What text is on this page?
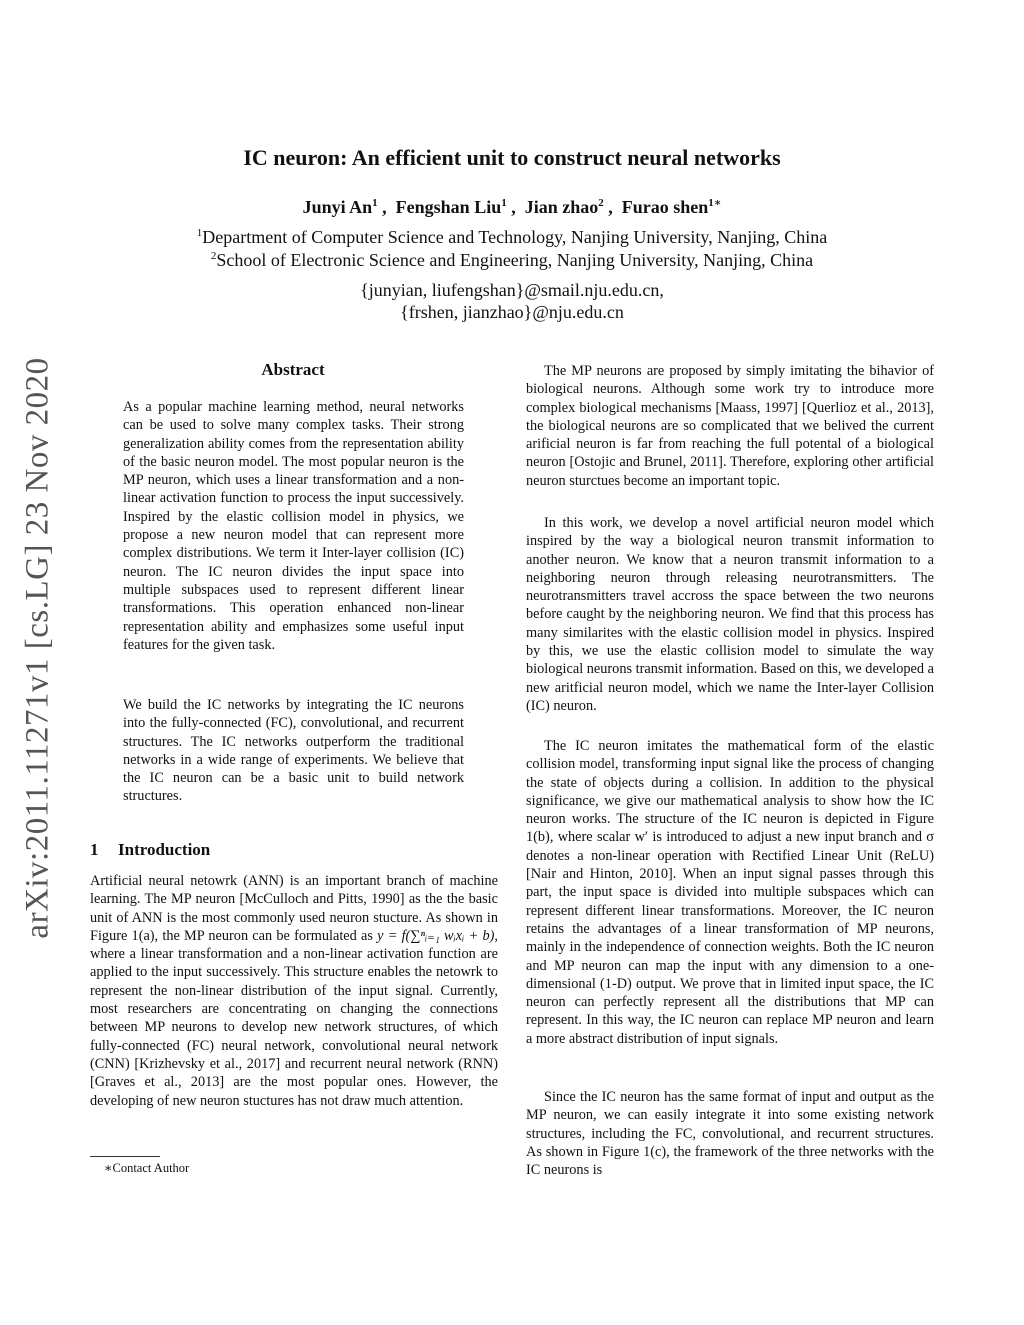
arXiv:2011.11271v1 [cs.LG] 23 Nov 2020
IC neuron: An efficient unit to construct neural networks
Junyi An$^1$ ,  Fengshan Liu$^1$ ,  Jian zhao$^2$ ,  Furao shen$^{1∗}$
$^1$Department of Computer Science and Technology, Nanjing University, Nanjing, China
$^2$School of Electronic Science and Engineering, Nanjing University, Nanjing, China
{junyian, liufengshan}@smail.nju.edu.cn,
{frshen, jianzhao}@nju.edu.cn
Abstract

As a popular machine learning method, neural networks can be used to solve many complex tasks. Their strong generalization ability comes from the representation ability of the basic neuron model. The most popular neuron is the MP neuron, which uses a linear transformation and a non-linear activation function to process the input successively. Inspired by the elastic collision model in physics, we propose a new neuron model that can represent more complex distributions. We term it Inter-layer collision (IC) neuron. The IC neuron divides the input space into multiple subspaces used to represent different linear transformations. This operation enhanced non-linear representation ability and emphasizes some useful input features for the given task.

We build the IC networks by integrating the IC neurons into the fully-connected (FC), convolutional, and recurrent structures. The IC networks outperform the traditional networks in a wide range of experiments. We believe that the IC neuron can be a basic unit to build network structures.

1 Introduction

Artificial neural netowrk (ANN) is an important branch of machine learning. The MP neuron [McCulloch and Pitts, 1990] as the the basic unit of ANN is the most commonly used neuron stucture. As shown in Figure 1(a), the MP neuron can be formulated as y = f(∑ⁿᵢ₌₁ wᵢxᵢ + b), where a linear transformation and a non-linear activation function are applied to the input successively. This structure enables the netowrk to represent the non-linear distribution of the input signal. Currently, most researchers are concentrating on changing the connections between MP neurons to develop new network structures, of which fully-connected (FC) neural network, convolutional neural network (CNN) [Krizhevsky et al., 2017] and recurrent neural network (RNN) [Graves et al., 2013] are the most popular ones. However, the developing of new neuron stuctures has not draw much attention.

The MP neurons are proposed by simply imitating the bihavior of biological neurons. Although some work try to introduce more complex biological mechanisms [Maass, 1997] [Querlioz et al., 2013], the biological neurons are so complicated that we belived the current arificial neuron is far from reaching the full potental of a biological neuron [Ostojic and Brunel, 2011]. Therefore, exploring other artificial neuron sturctues become an important topic.

In this work, we develop a novel artificial neuron model which inspired by the way a biological neuron transmit information to another neuron. We know that a neuron transmit information to a neighboring neuron through releasing neurotransmitters. The neurotransmitters travel accross the space between the two neurons before caught by the neighboring neuron. We find that this process has many similarites with the elastic collision model in physics. Inspired by this, we use the elastic collision model to simulate the way biological neurons transmit information. Based on this, we developed a new aritficial neuron model, which we name the Inter-layer Collision (IC) neuron.

The IC neuron imitates the mathematical form of the elastic collision model, transforming input signal like the process of changing the state of objects during a collision. In addition to the physical significance, we give our mathematical analysis to show how the IC neuron works. The structure of the IC neuron is depicted in Figure 1(b), where scalar w′ is introduced to adjust a new input branch and σ denotes a non-linear operation with Rectified Linear Unit (ReLU) [Nair and Hinton, 2010]. When an input signal passes through this part, the input space is divided into multiple subspaces which can represent different linear transformations. Moreover, the IC neuron retains the advantages of a linear transformation of MP neurons, mainly in the independence of connection weights. Both the IC neuron and MP neuron can map the input with any dimension to a one-dimensional (1-D) output. We prove that in limited input space, the IC neuron can perfectly represent all the distributions that MP can represent. In this way, the IC neuron can replace MP neuron and learn a more abstract distribution of input signals.

Since the IC neuron has the same format of input and output as the MP neuron, we can easily integrate it into some existing network structures, including the FC, convolutional, and recurrent structures. As shown in Figure 1(c), the framework of the three networks with the IC neurons is

∗Contact Author
